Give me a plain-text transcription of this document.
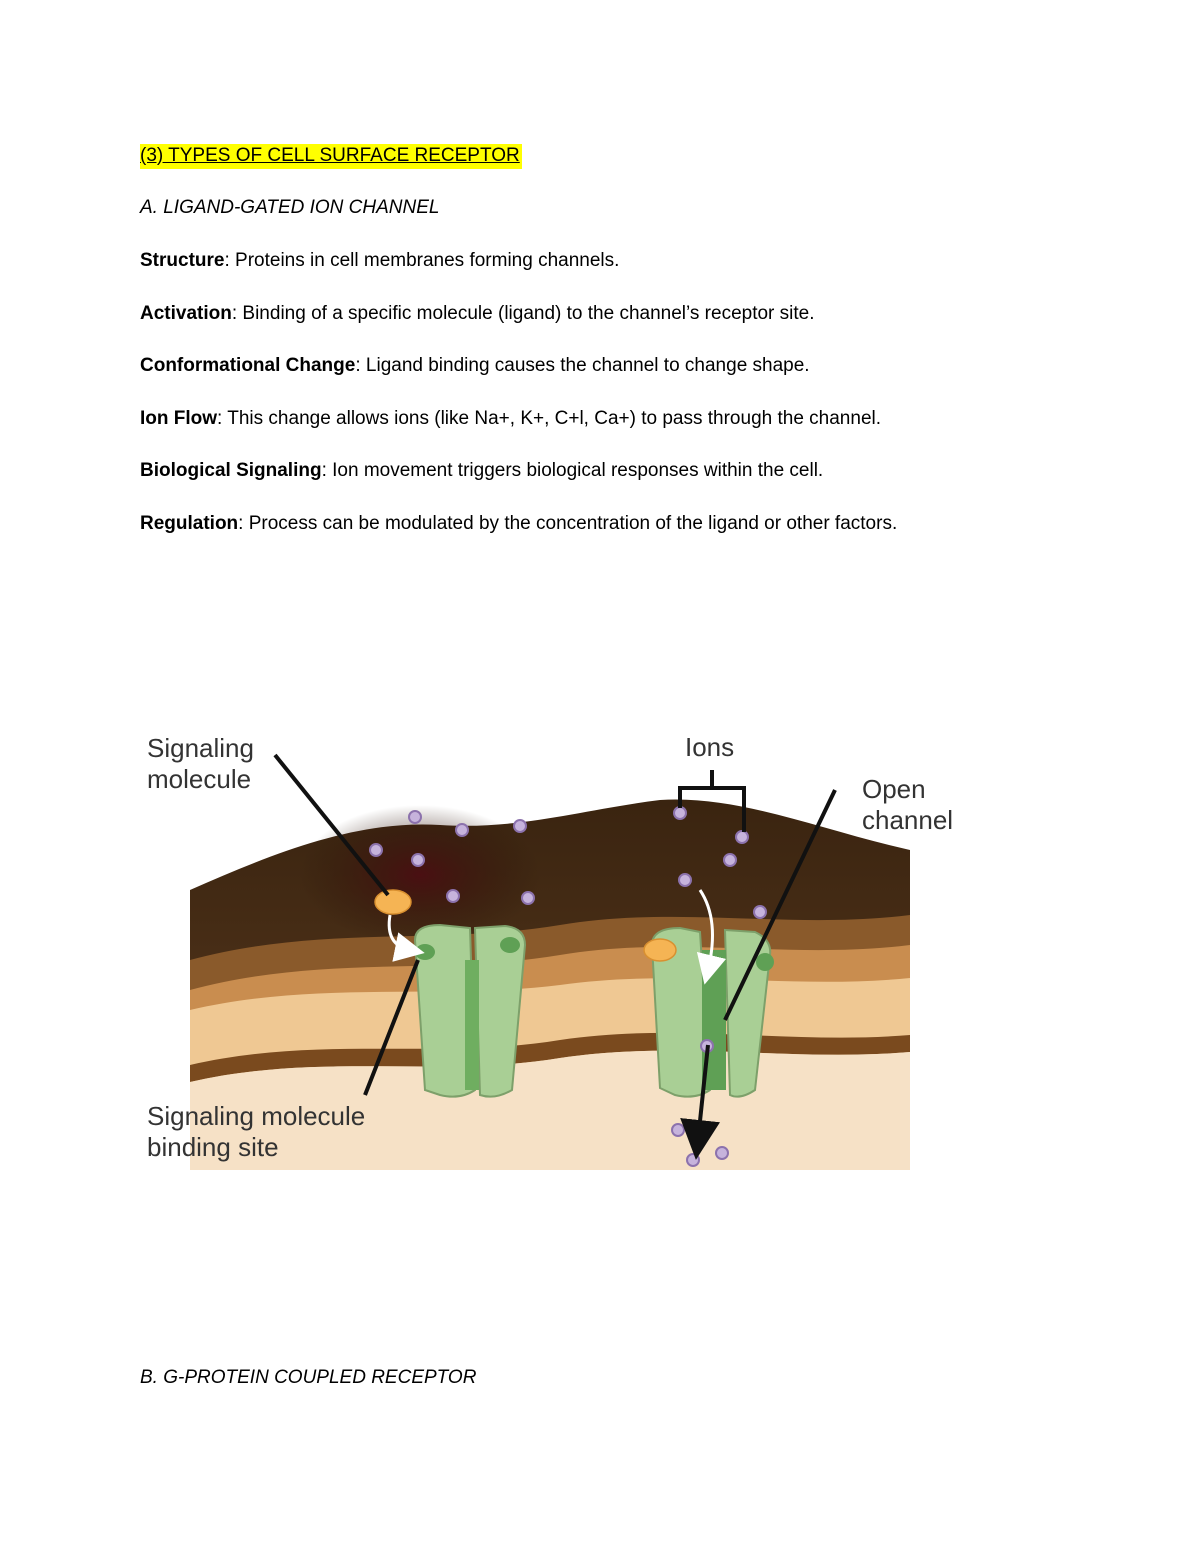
(3) TYPES OF CELL SURFACE RECEPTOR
A. LIGAND-GATED ION CHANNEL
Structure: Proteins in cell membranes forming channels.
Activation: Binding of a specific molecule (ligand) to the channel’s receptor site.
Conformational Change: Ligand binding causes the channel to change shape.
Ion Flow: This change allows ions (like Na+, K+, C+l, Ca+) to pass through the channel.
Biological Signaling: Ion movement triggers biological responses within the cell.
Regulation: Process can be modulated by the concentration of the ligand or other factors.
Signaling
molecule
Ions
Open
channel
Signaling molecule
binding site
B. G-PROTEIN COUPLED RECEPTOR
